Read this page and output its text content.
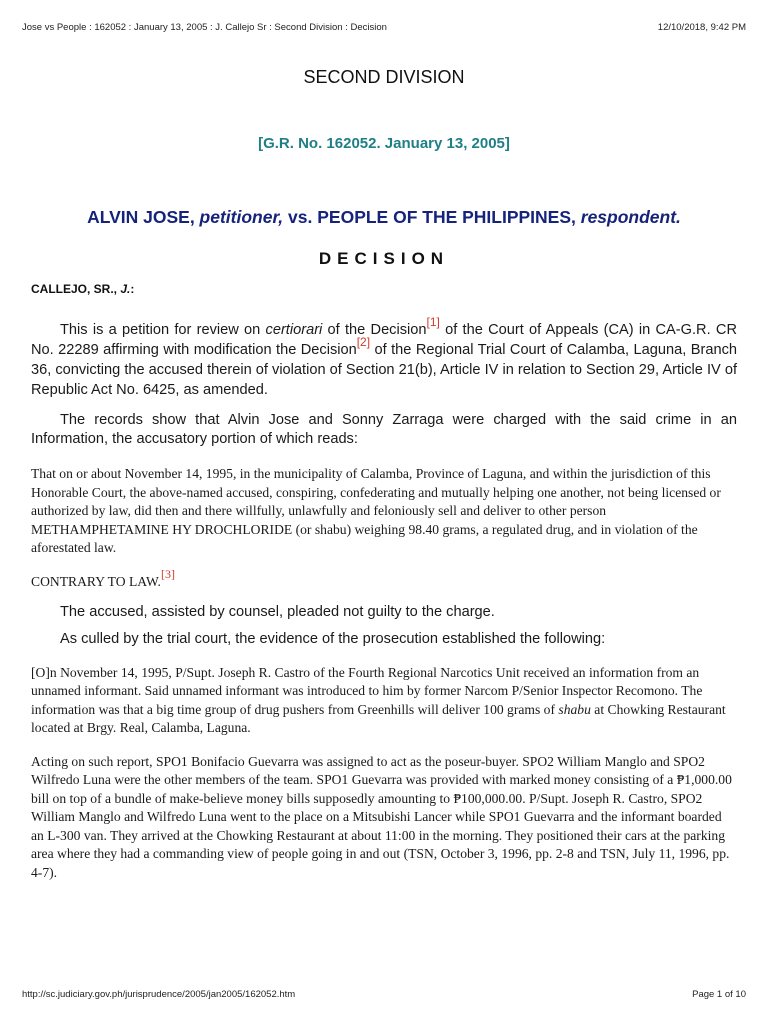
Jose vs People : 162052 : January 13, 2005 : J. Callejo Sr : Second Division : Decision	12/10/2018, 9:42 PM
SECOND DIVISION
[G.R. No. 162052. January 13, 2005]
ALVIN JOSE, petitioner, vs. PEOPLE OF THE PHILIPPINES, respondent.
DECISION
CALLEJO, SR., J.:

This is a petition for review on certiorari of the Decision[1] of the Court of Appeals (CA) in CA-G.R. CR No. 22289 affirming with modification the Decision[2] of the Regional Trial Court of Calamba, Laguna, Branch 36, convicting the accused therein of violation of Section 21(b), Article IV in relation to Section 29, Article IV of Republic Act No. 6425, as amended.

The records show that Alvin Jose and Sonny Zarraga were charged with the said crime in an Information, the accusatory portion of which reads:

That on or about November 14, 1995, in the municipality of Calamba, Province of Laguna, and within the jurisdiction of this Honorable Court, the above-named accused, conspiring, confederating and mutually helping one another, not being licensed or authorized by law, did then and there willfully, unlawfully and feloniously sell and deliver to other person METHAMPHETAMINE HY DROCHLORIDE (or shabu) weighing 98.40 grams, a regulated drug, and in violation of the aforestated law.

CONTRARY TO LAW.[3]

The accused, assisted by counsel, pleaded not guilty to the charge.

As culled by the trial court, the evidence of the prosecution established the following:

[O]n November 14, 1995, P/Supt. Joseph R. Castro of the Fourth Regional Narcotics Unit received an information from an unnamed informant. Said unnamed informant was introduced to him by former Narcom P/Senior Inspector Recomono. The information was that a big time group of drug pushers from Greenhills will deliver 100 grams of shabu at Chowking Restaurant located at Brgy. Real, Calamba, Laguna.

Acting on such report, SPO1 Bonifacio Guevarra was assigned to act as the poseur-buyer. SPO2 William Manglo and SPO2 Wilfredo Luna were the other members of the team. SPO1 Guevarra was provided with marked money consisting of a ₱1,000.00 bill on top of a bundle of make-believe money bills supposedly amounting to ₱100,000.00. P/Supt. Joseph R. Castro, SPO2 William Manglo and Wilfredo Luna went to the place on a Mitsubishi Lancer while SPO1 Guevarra and the informant boarded an L-300 van. They arrived at the Chowking Restaurant at about 11:00 in the morning. They positioned their cars at the parking area where they had a commanding view of people going in and out (TSN, October 3, 1996, pp. 2-8 and TSN, July 11, 1996, pp. 4-7).

http://sc.judiciary.gov.ph/jurisprudence/2005/jan2005/162052.htm	Page 1 of 10
